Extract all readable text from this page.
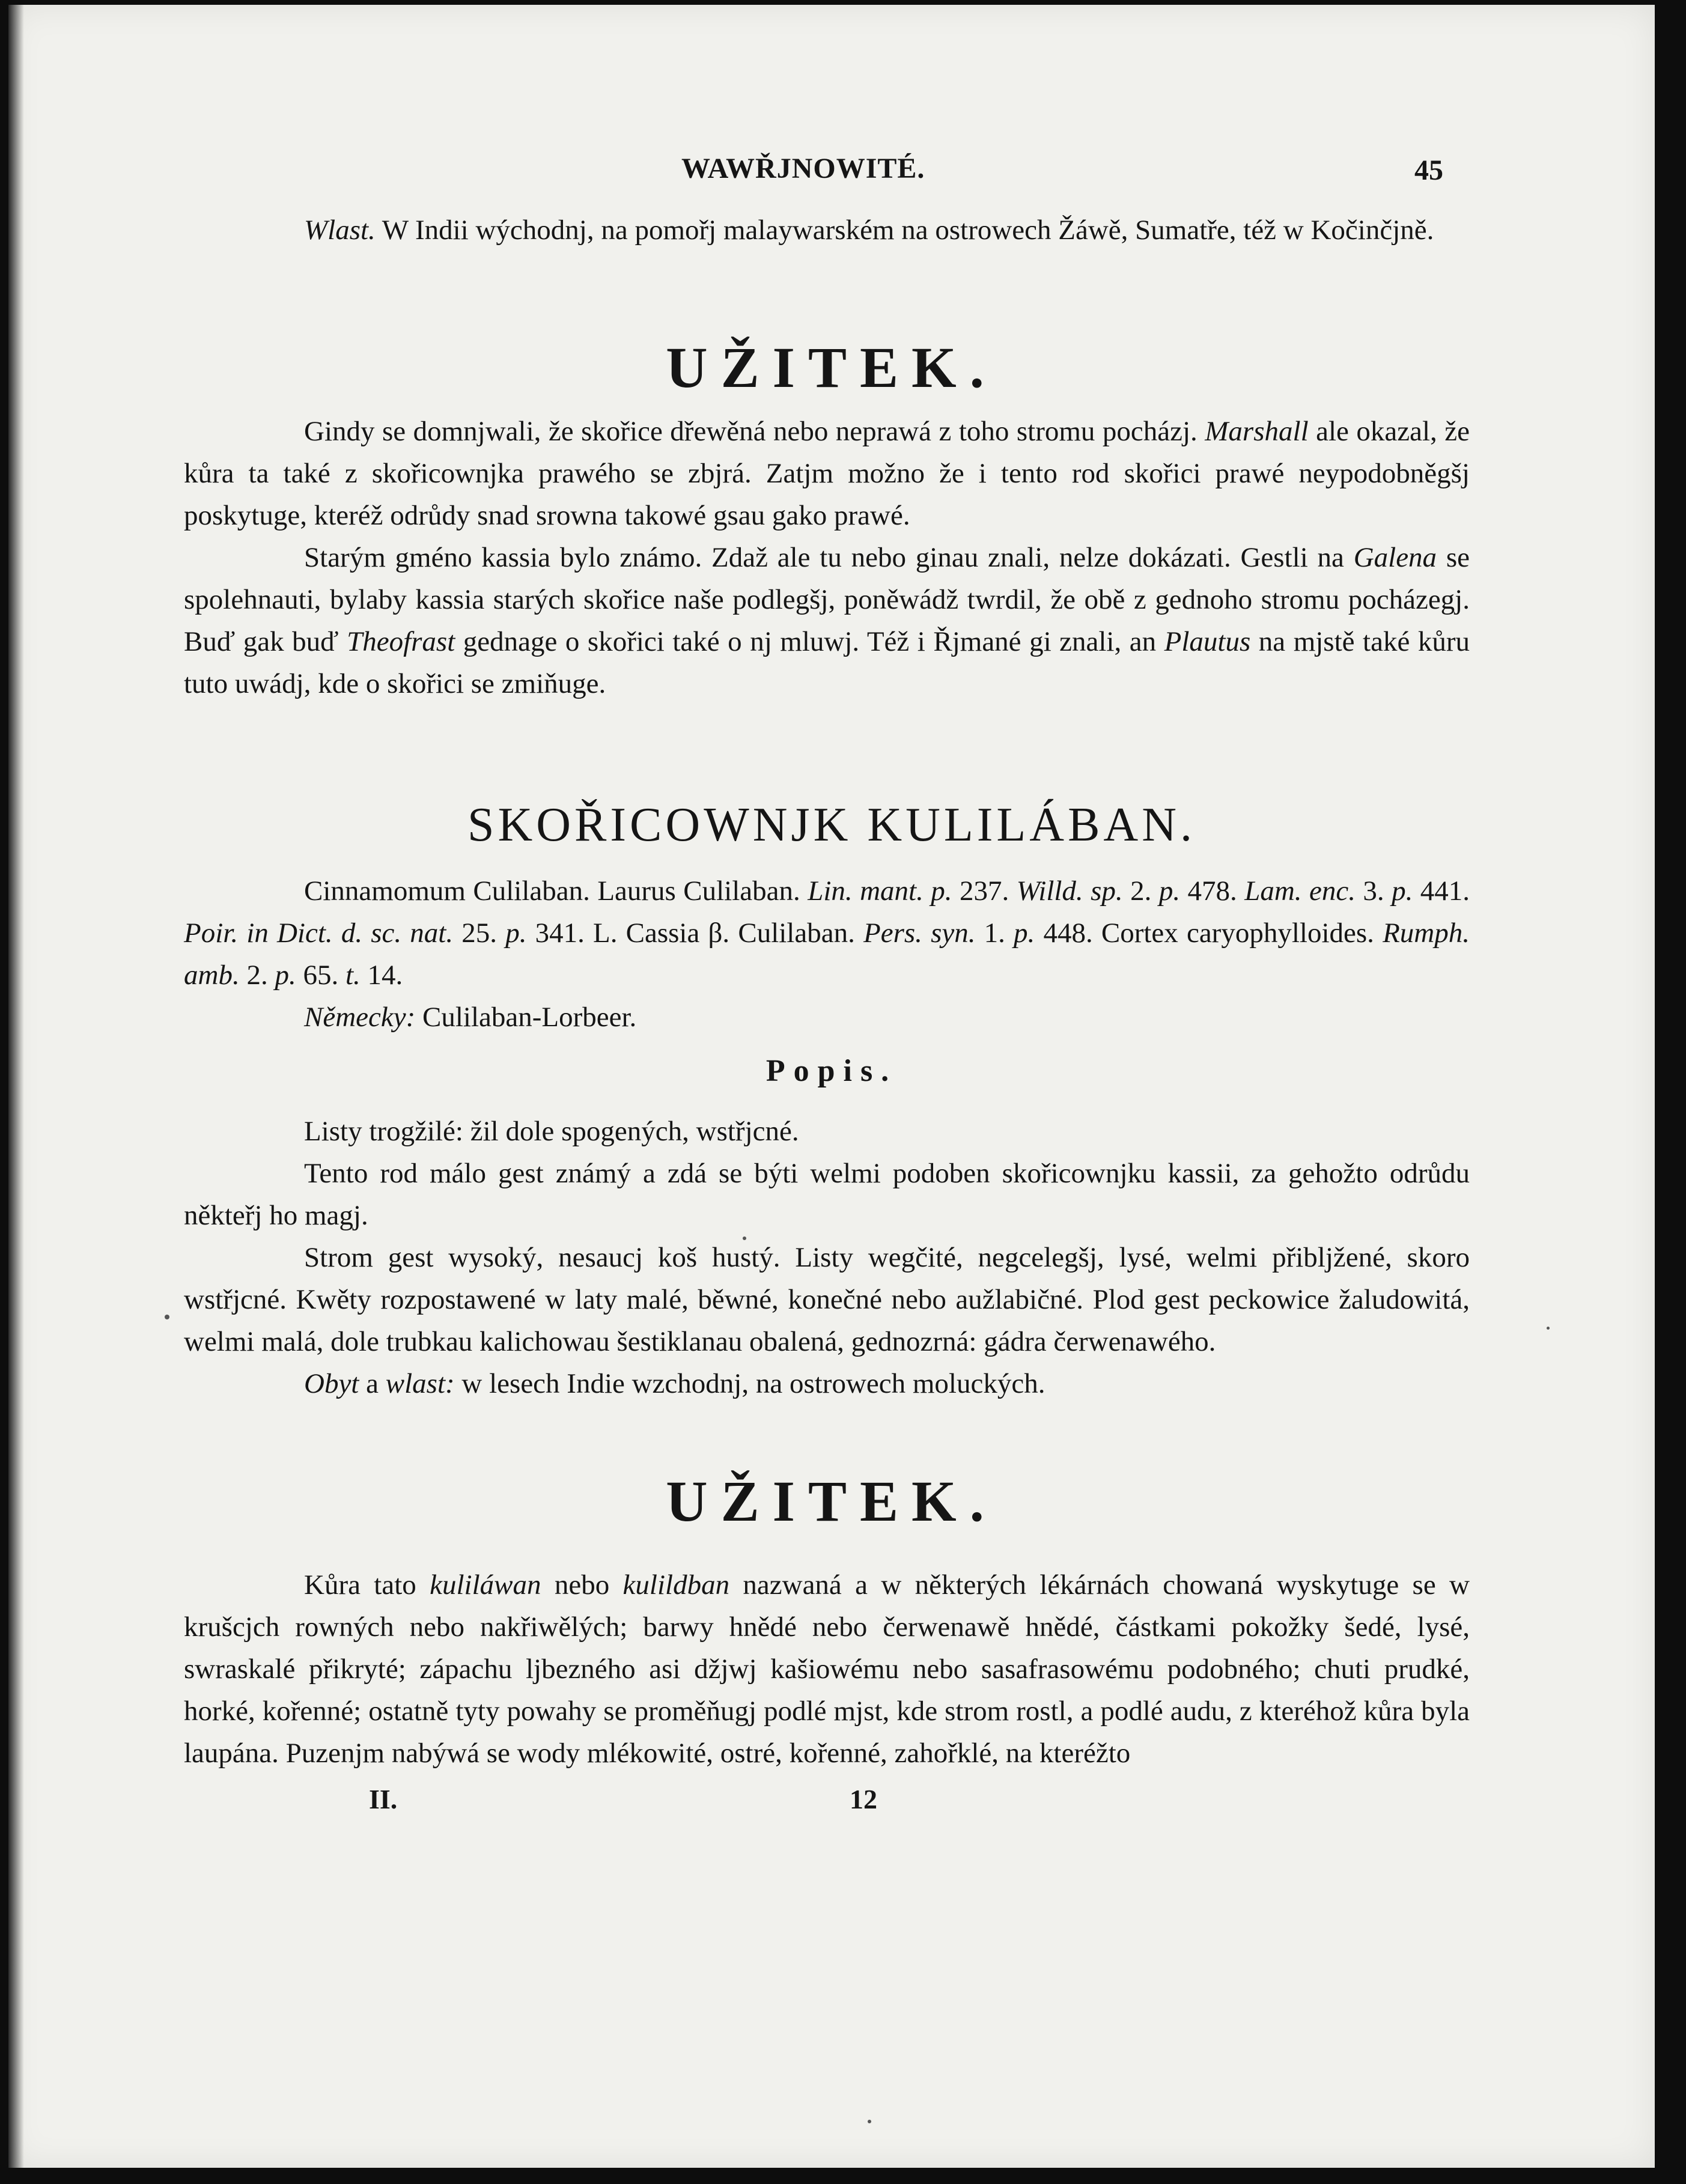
WAWŘJNOWITÉ.	45

Wlast. W Indii wýchodnj, na pomořj malaywarském na ostrowech Žáwě, Sumatře, též w Kočinčjně.

UŽITEK.

Gindy se domnjwali, že skořice dřewěná nebo neprawá z toho stromu pocházj. Marshall ale okazal, že kůra ta také z skořicownjka prawého se zbjrá. Zatjm možno že i tento rod skořici prawé neypodobněgšj poskytuge, kteréž odrůdy snad srowna takowé gsau gako prawé.

Starým gménо kassia bylo známo. Zdaž ale tu nebo ginau znali, nelze dokázati. Gestli na Galena se spolehnauti, bylaby kassia starých skořice naše podlegšj, poněwádž twrdil, že obě z gednoho stromu pocházegj. Buď gak buď Theofrast gednage o skořici také o nj mluwj. Též i Řjmané gi znali, an Plautus na mjstě také kůru tuto uwádj, kde o skořici se zmiňuge.

SKOŘICOWNJK KULILÁBAN.

Cinnamomum Culilaban. Laurus Culilaban. Lin. mant. p. 237. Willd. sp. 2. p. 478. Lam. enc. 3. p. 441. Poir. in Dict. d. sc. nat. 25. p. 341. L. Cassia β. Culilaban. Pers. syn. 1. p. 448. Cortex caryophylloides. Rumph. amb. 2. p. 65. t. 14.

Německy: Culilaban-Lorbeer.

Popis.

Listy trogžilé: žil dole spogených, wstřjcné.

Tento rod málo gest známý a zdá se býti welmi podoben skořicownjku kassii, za gehožto odrůdu někteřj ho magj.

Strom gest wysoký, nesaucj koš hustý. Listy wegčité, negcelegšj, lysé, welmi přibljžené, skoro wstřjcné. Kwěty rozpostawené w laty malé, běwné, konečné nebo aužlabičné. Plod gest peckowice žaludowitá, welmi malá, dole trubkau kalichowau šestiklanau obalená, gednozrná: gádra čerwenawého.

Obyt a wlast: w lesech Indie wzchodnj, na ostrowech moluckých.

UŽITEK.

Kůra tato kuliláwan nebo kulildban nazwaná a w některých lékárnách chowaná wyskytuge se w krušcjch rowných nebo nakřiwělých; barwy hnědé nebo čerwenawě hnědé, částkami pokožky šedé, lysé, swraskalé přikryté; zápachu ljbezného asi džjwj kašiowému nebo sasafrasowému podobného; chuti prudké, horké, kořenné; ostatně tyty powahy se proměňugj podlé mjst, kde strom rostl, a podlé audu, z kteréhož kůra byla laupána. Puzenjm nabýwá se wody mlékowité, ostré, kořenné, zahořklé, na kteréžto

II.	12
